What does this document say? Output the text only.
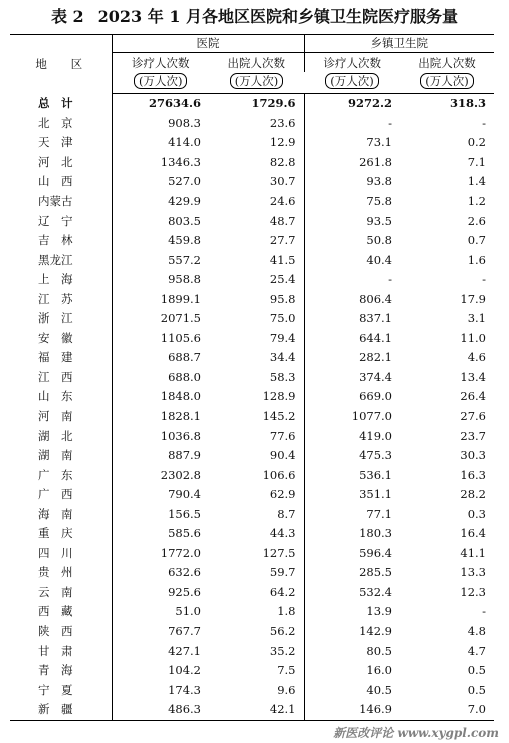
表 2 2023 年 1 月各地区医院和乡镇卫生院医疗服务量
地 区	医院		乡镇卫生院	
	诊疗人次数	出院人次数	诊疗人次数	出院人次数
	(万人次)	(万人次)	(万人次)	(万人次)
总　计	27634.6	1729.6	9272.2	318.3
北　京	908.3	23.6	-	-
天　津	414.0	12.9	73.1	0.2
河　北	1346.3	82.8	261.8	7.1
山　西	527.0	30.7	93.8	1.4
内蒙古	429.9	24.6	75.8	1.2
辽　宁	803.5	48.7	93.5	2.6
吉　林	459.8	27.7	50.8	0.7
黑龙江	557.2	41.5	40.4	1.6
上　海	958.8	25.4	-	-
江　苏	1899.1	95.8	806.4	17.9
浙　江	2071.5	75.0	837.1	3.1
安　徽	1105.6	79.4	644.1	11.0
福　建	688.7	34.4	282.1	4.6
江　西	688.0	58.3	374.4	13.4
山　东	1848.0	128.9	669.0	26.4
河　南	1828.1	145.2	1077.0	27.6
湖　北	1036.8	77.6	419.0	23.7
湖　南	887.9	90.4	475.3	30.3
广　东	2302.8	106.6	536.1	16.3
广　西	790.4	62.9	351.1	28.2
海　南	156.5	8.7	77.1	0.3
重　庆	585.6	44.3	180.3	16.4
四　川	1772.0	127.5	596.4	41.1
贵　州	632.6	59.7	285.5	13.3
云　南	925.6	64.2	532.4	12.3
西　藏	51.0	1.8	13.9	-
陕　西	767.7	56.2	142.9	4.8
甘　肃	427.1	35.2	80.5	4.7
青　海	104.2	7.5	16.0	0.5
宁　夏	174.3	9.6	40.5	0.5
新　疆	486.3	42.1	146.9	7.0
新医改评论 www.xygpl.com
